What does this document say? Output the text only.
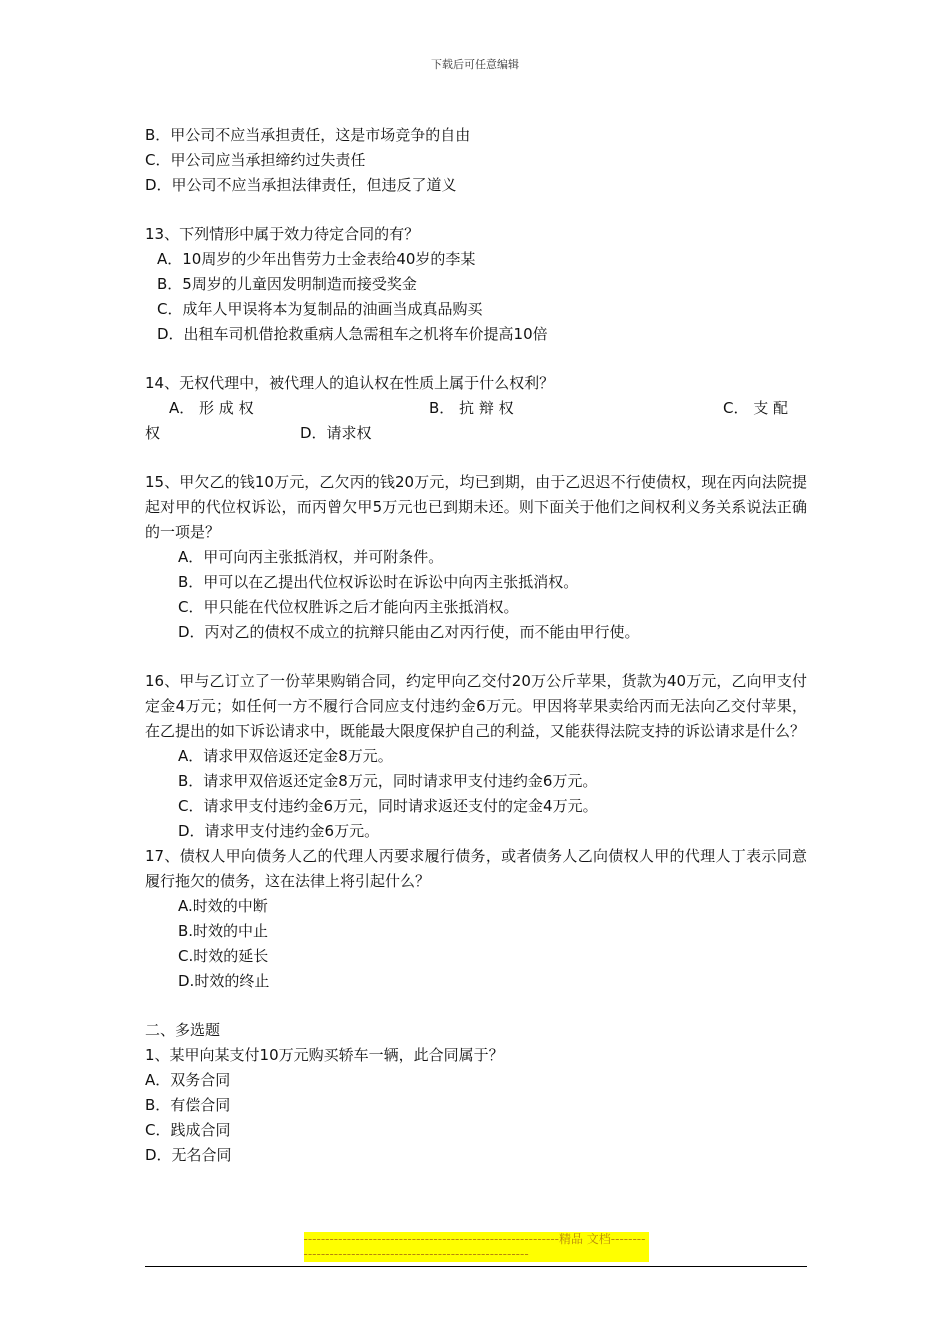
下载后可任意编辑
B．甲公司不应当承担责任，这是市场竞争的自由
C．甲公司应当承担缔约过失责任
D．甲公司不应当承担法律责任，但违反了道义
13、下列情形中属于效力待定合同的有？
A．10周岁的少年出售劳力士金表给40岁的李某
B．5周岁的儿童因发明制造而接受奖金
C．成年人甲误将本为复制品的油画当成真品购买
D．出租车司机借抢救重病人急需租车之机将车价提高10倍
14、无权代理中，被代理人的追认权在性质上属于什么权利？
A． 形 成 权	B． 抗 辩 权	C． 支 配
权	D．请求权
15、甲欠乙的钱10万元，乙欠丙的钱20万元，均已到期，由于乙迟迟不行使债权，现在丙向法院提起对甲的代位权诉讼，而丙曾欠甲5万元也已到期未还。则下面关于他们之间权利义务关系说法正确的一项是？
A．甲可向丙主张抵消权，并可附条件。
B．甲可以在乙提出代位权诉讼时在诉讼中向丙主张抵消权。
C．甲只能在代位权胜诉之后才能向丙主张抵消权。
D．丙对乙的债权不成立的抗辩只能由乙对丙行使，而不能由甲行使。
16、甲与乙订立了一份苹果购销合同，约定甲向乙交付20万公斤苹果，货款为40万元，乙向甲支付定金4万元；如任何一方不履行合同应支付违约金6万元。甲因将苹果卖给丙而无法向乙交付苹果，在乙提出的如下诉讼请求中，既能最大限度保护自己的利益，又能获得法院支持的诉讼请求是什么？
A．请求甲双倍返还定金8万元。
B．请求甲双倍返还定金8万元，同时请求甲支付违约金6万元。
C．请求甲支付违约金6万元，同时请求返还支付的定金4万元。
D．请求甲支付违约金6万元。
17、债权人甲向债务人乙的代理人丙要求履行债务，或者债务人乙向债权人甲的代理人丁表示同意履行拖欠的债务，这在法律上将引起什么？
A.时效的中断
B.时效的中止
C.时效的延长
D.时效的终止
二、多选题
1、某甲向某支付10万元购买轿车一辆，此合同属于？
A．双务合同
B．有偿合同
C．践成合同
D．无名合同
-----------------------------------------------------------精品 文档------------------------------------------------------------
